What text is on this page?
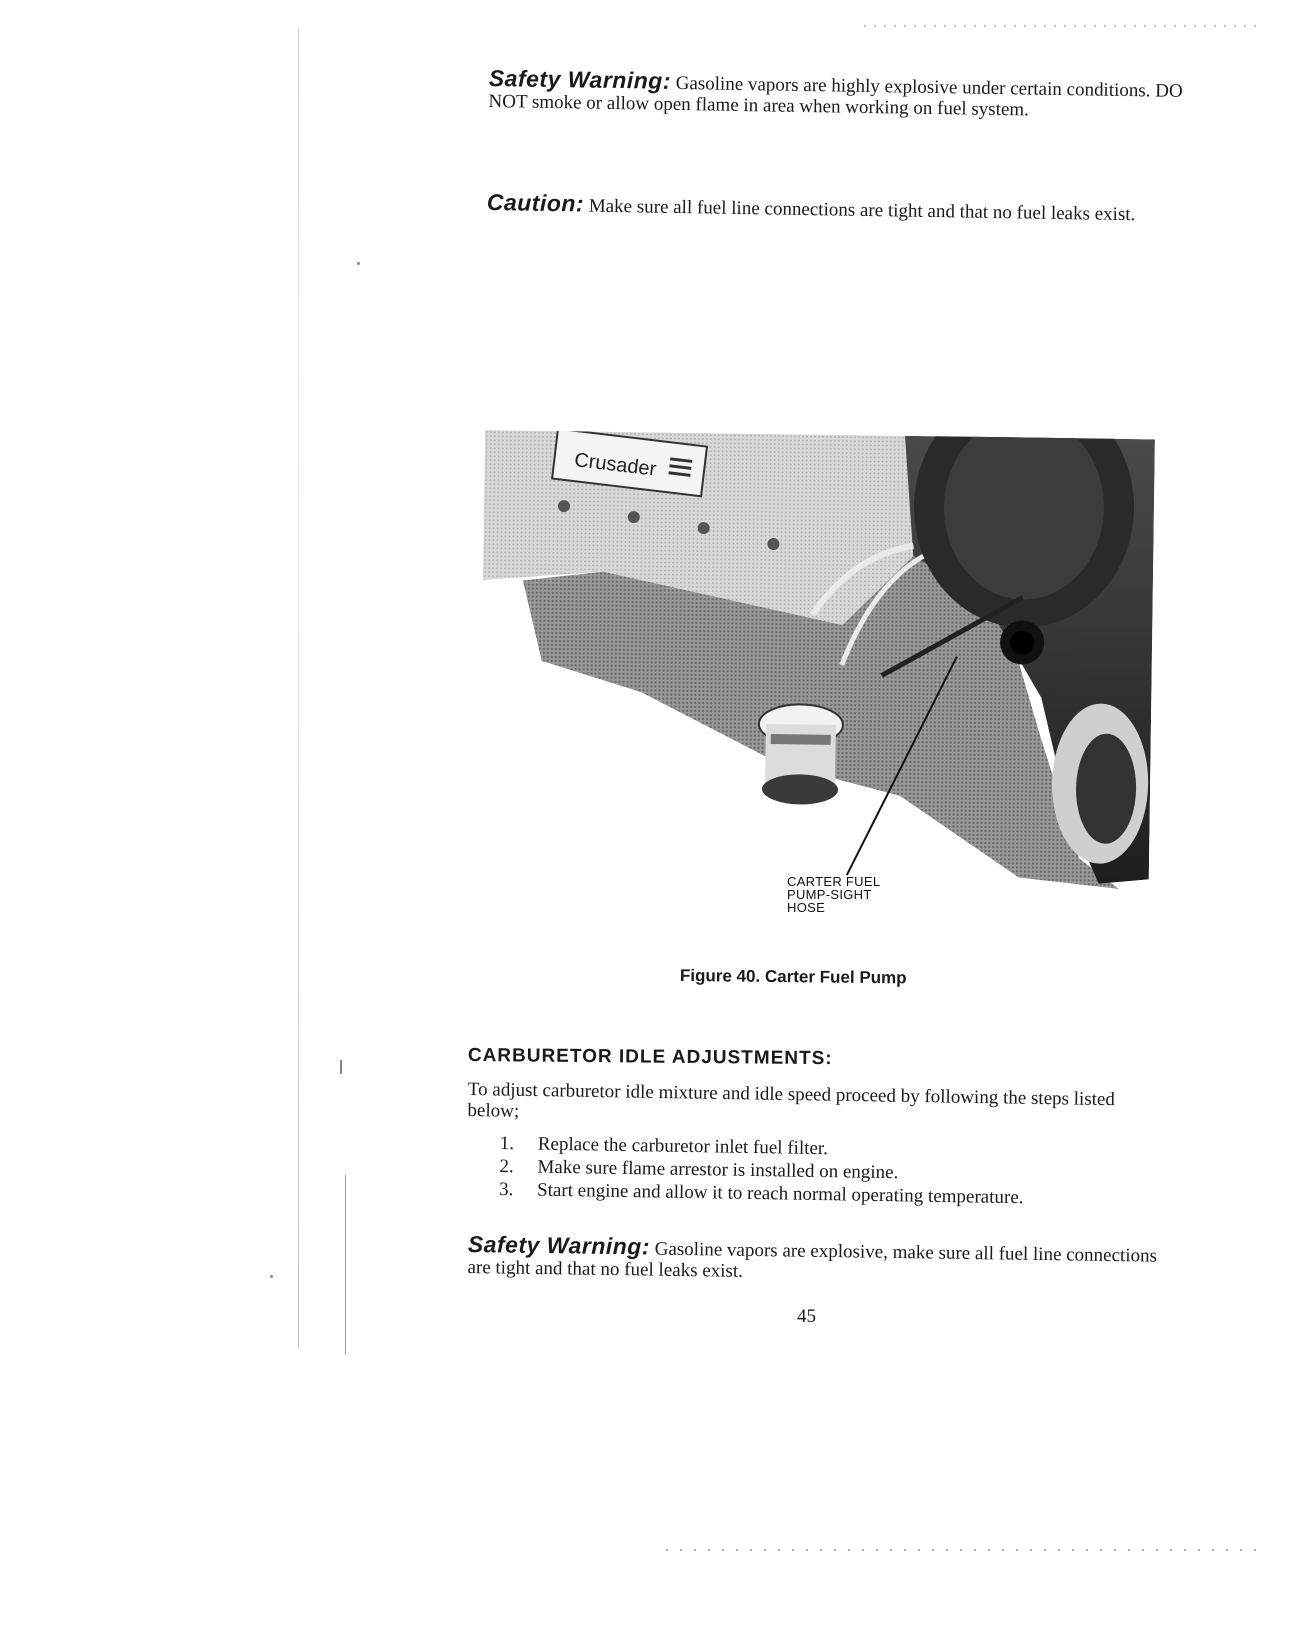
Safety Warning: Gasoline vapors are highly explosive under certain conditions. DO NOT smoke or allow open flame in area when working on fuel system.
Caution: Make sure all fuel line connections are tight and that no fuel leaks exist.
Crusader
CARTER FUEL
PUMP-SIGHT
HOSE
Figure 40. Carter Fuel Pump
CARBURETOR IDLE ADJUSTMENTS:
To adjust carburetor idle mixture and idle speed proceed by following the steps listed below;
1.	Replace the carburetor inlet fuel filter.
2.	Make sure flame arrestor is installed on engine.
3.	Start engine and allow it to reach normal operating temperature.
Safety Warning: Gasoline vapors are explosive, make sure all fuel line connections are tight and that no fuel leaks exist.
45
